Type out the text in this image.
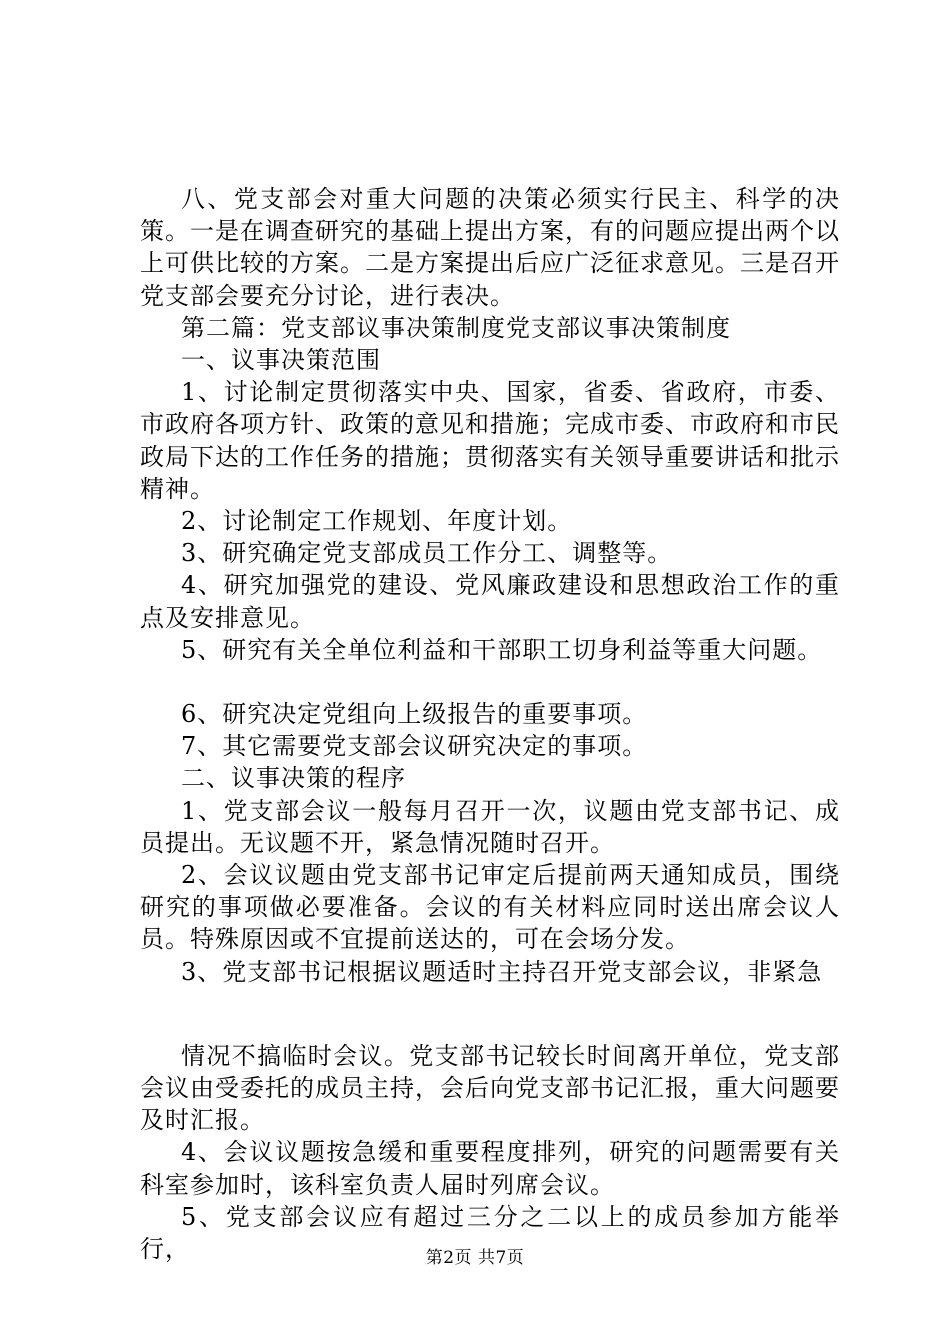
八、党支部会对重大问题的决策必须实行民主、科学的决策。一是在调查研究的基础上提出方案，有的问题应提出两个以上可供比较的方案。二是方案提出后应广泛征求意见。三是召开党支部会要充分讨论，进行表决。

第二篇：党支部议事决策制度党支部议事决策制度

一、议事决策范围

1、讨论制定贯彻落实中央、国家，省委、省政府，市委、市政府各项方针、政策的意见和措施；完成市委、市政府和市民政局下达的工作任务的措施；贯彻落实有关领导重要讲话和批示精神。

2、讨论制定工作规划、年度计划。

3、研究确定党支部成员工作分工、调整等。

4、研究加强党的建设、党风廉政建设和思想政治工作的重点及安排意见。

5、研究有关全单位利益和干部职工切身利益等重大问题。

6、研究决定党组向上级报告的重要事项。

7、其它需要党支部会议研究决定的事项。

二、议事决策的程序

1、党支部会议一般每月召开一次，议题由党支部书记、成员提出。无议题不开，紧急情况随时召开。

2、会议议题由党支部书记审定后提前两天通知成员，围绕研究的事项做必要准备。会议的有关材料应同时送出席会议人员。特殊原因或不宜提前送达的，可在会场分发。

3、党支部书记根据议题适时主持召开党支部会议，非紧急

情况不搞临时会议。党支部书记较长时间离开单位，党支部会议由受委托的成员主持，会后向党支部书记汇报，重大问题要及时汇报。

4、会议议题按急缓和重要程度排列，研究的问题需要有关科室参加时，该科室负责人届时列席会议。

5、党支部会议应有超过三分之二以上的成员参加方能举行，	第2页 共7页
